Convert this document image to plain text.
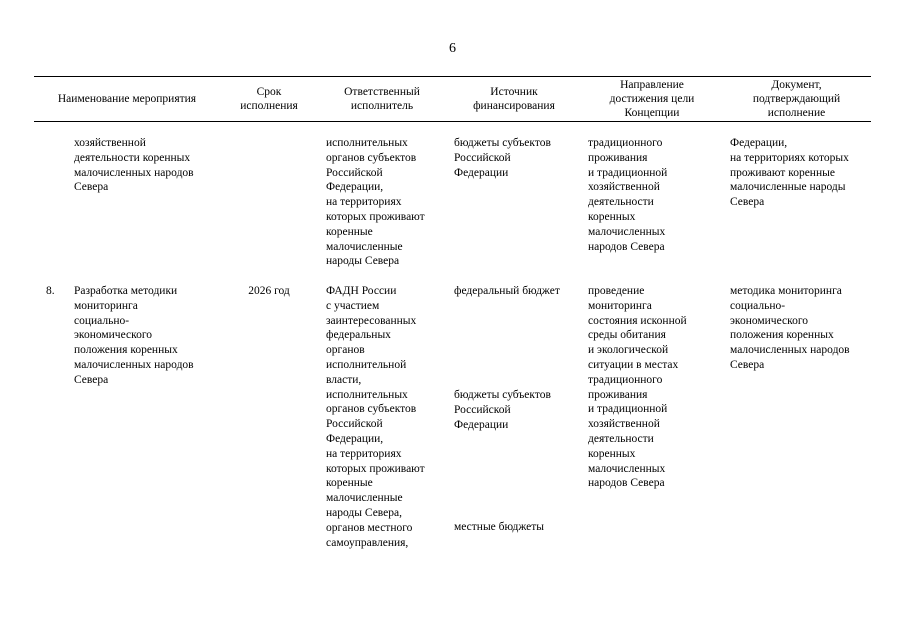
6
Наименование мероприятия
Срок
исполнения
Ответственный
исполнитель
Источник
финансирования
Направление
достижения цели
Концепции
Документ,
подтверждающий
исполнение
хозяйственной
деятельности коренных
малочисленных народов
Севера
исполнительных
органов субъектов
Российской
Федерации,
на территориях
которых проживают
коренные
малочисленные
народы Севера
бюджеты субъектов
Российской
Федерации
традиционного
проживания
и традиционной
хозяйственной
деятельности
коренных
малочисленных
народов Севера
Федерации,
на территориях которых
проживают коренные
малочисленные народы
Севера
8.	Разработка методики
мониторинга
социально-
экономического
положения коренных
малочисленных народов
Севера
2026 год	ФАДН России
с участием
заинтересованных
федеральных
органов
исполнительной
власти,
исполнительных
органов субъектов
Российской
Федерации,
на территориях
которых проживают
коренные
малочисленные
народы Севера,
органов местного
самоуправления,
федеральный бюджет
бюджеты субъектов
Российской
Федерации
местные бюджеты
проведение
мониторинга
состояния исконной
среды обитания
и экологической
ситуации в местах
традиционного
проживания
и традиционной
хозяйственной
деятельности
коренных
малочисленных
народов Севера
методика мониторинга
социально-
экономического
положения коренных
малочисленных народов
Севера
